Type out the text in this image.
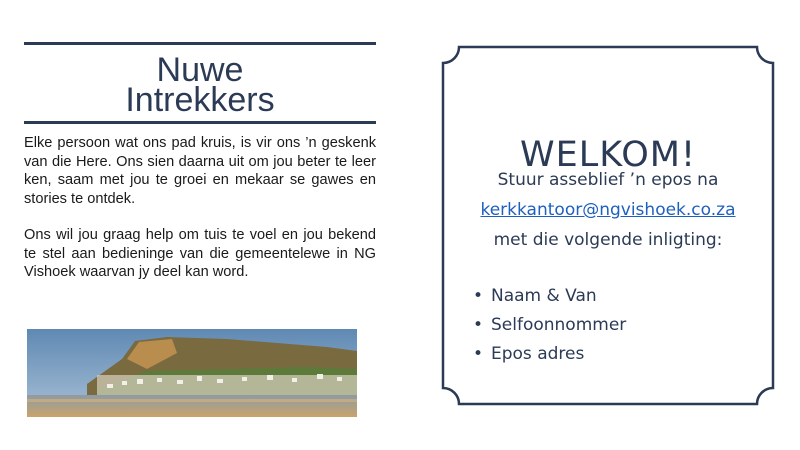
Nuwe
Intrekkers

Elke persoon wat ons pad kruis, is vir ons ’n geskenk van die Here. Ons sien daarna uit om jou beter te leer ken, saam met jou te groei en mekaar se gawes en stories te ontdek.

Ons wil jou graag help om tuis te voel en jou bekend te stel aan bedieninge van die gemeentelewe in NG Vishoek waarvan jy deel kan word.

WELKOM!
Stuur asseblief ’n epos na
kerkkantoor@ngvishoek.co.za
met die volgende inligting:
• Naam & Van
• Selfoonnommer
• Epos adres
